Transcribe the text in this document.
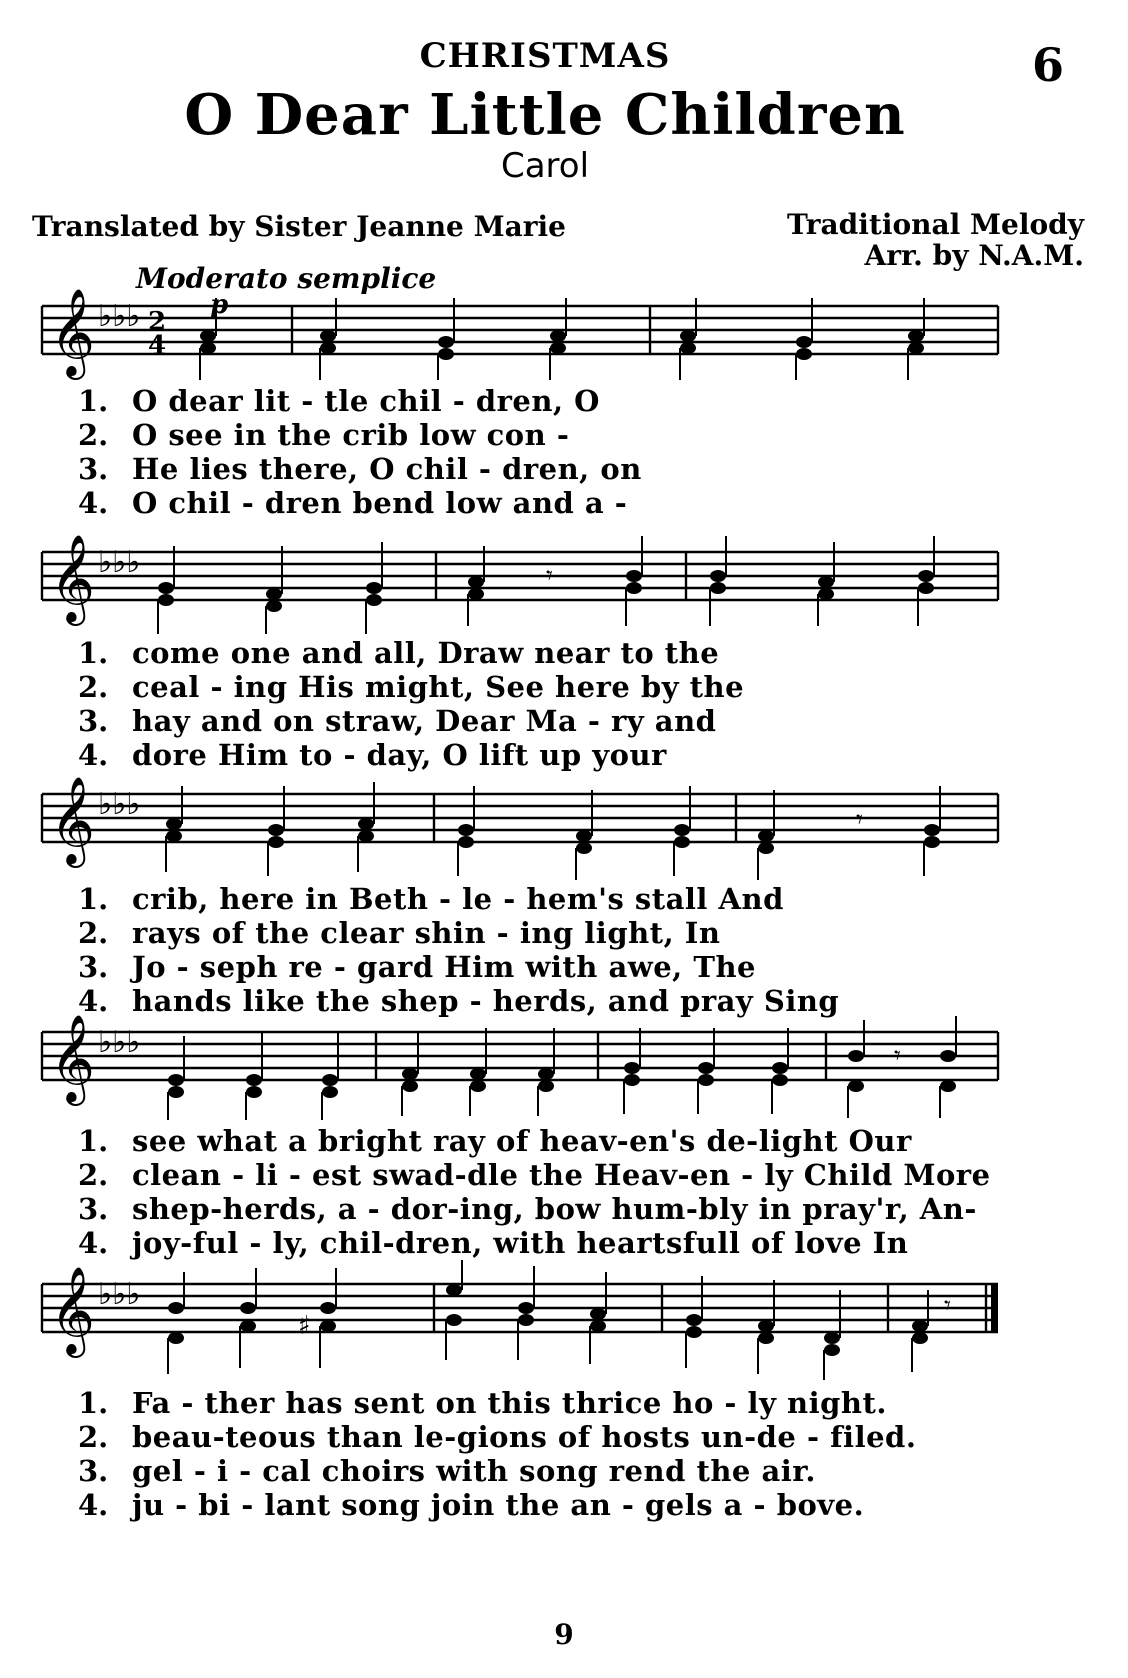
CHRISTMAS	6
O Dear Little Children
Carol
Translated by Sister Jeanne Marie	Traditional Melody
Arr. by N.A.M.
Moderato semplice
p
𝄞 ♭♭♭ 2
4
1. O dear lit - tle chil - dren, O
2. O see in the crib low con -
3. He lies there, O chil - dren, on
4. O chil - dren bend low and a -
𝄞 ♭♭♭	𝄾
1. come one and all, Draw near to the
2. ceal - ing His might, See here by the
3. hay and on straw, Dear Ma - ry and
4. dore Him to - day, O lift up your
𝄞 ♭♭♭	𝄾
1. crib, here in Beth - le - hem's stall And
2. rays of the clear shin - ing light, In
3. Jo - seph re - gard Him with awe, The
4. hands like the shep - herds, and pray Sing
𝄞 ♭♭♭	𝄾
1. see what a bright ray of heav-en's de-light Our
2. clean - li - est swad-dle the Heav-en - ly Child More
3. shep-herds, a - dor-ing, bow hum-bly in pray'r, An-
4. joy-ful - ly, chil-dren, with heartsfull of love In
𝄞 ♭♭♭
♯
𝄾
1. Fa - ther has sent on this thrice ho - ly night.
2. beau-teous than le-gions of hosts un-de - filed.
3. gel - i - cal choirs with song rend the air.
4. ju - bi - lant song join the an - gels a - bove.
9
